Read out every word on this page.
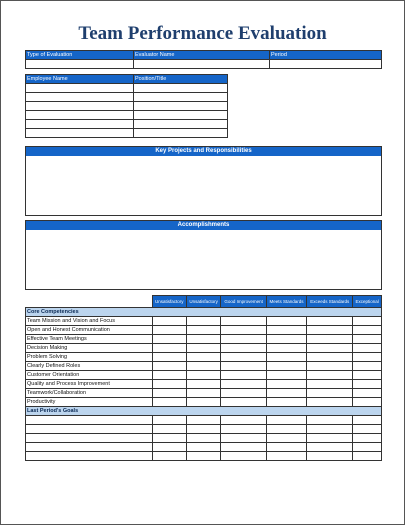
Team Performance Evaluation
Type of Evaluation	Evaluator Name	Period

Employee Name	Position/Title

Key Projects and Responsibilities
Accomplishments
	Unsatisfactory	Unsatisfactory	Good Improvement	Meets Standards	Exceeds Standards	Exceptional
Core Competencies						
Team Mission and Vision and Focus						
Open and Honest Communication						
Effective Team Meetings						
Decision Making						
Problem Solving						
Clearly Defined Roles						
Customer Orientation						
Quality and Process Improvement						
Teamwork/Collaboration						
Productivity						
Last Period's Goals						
